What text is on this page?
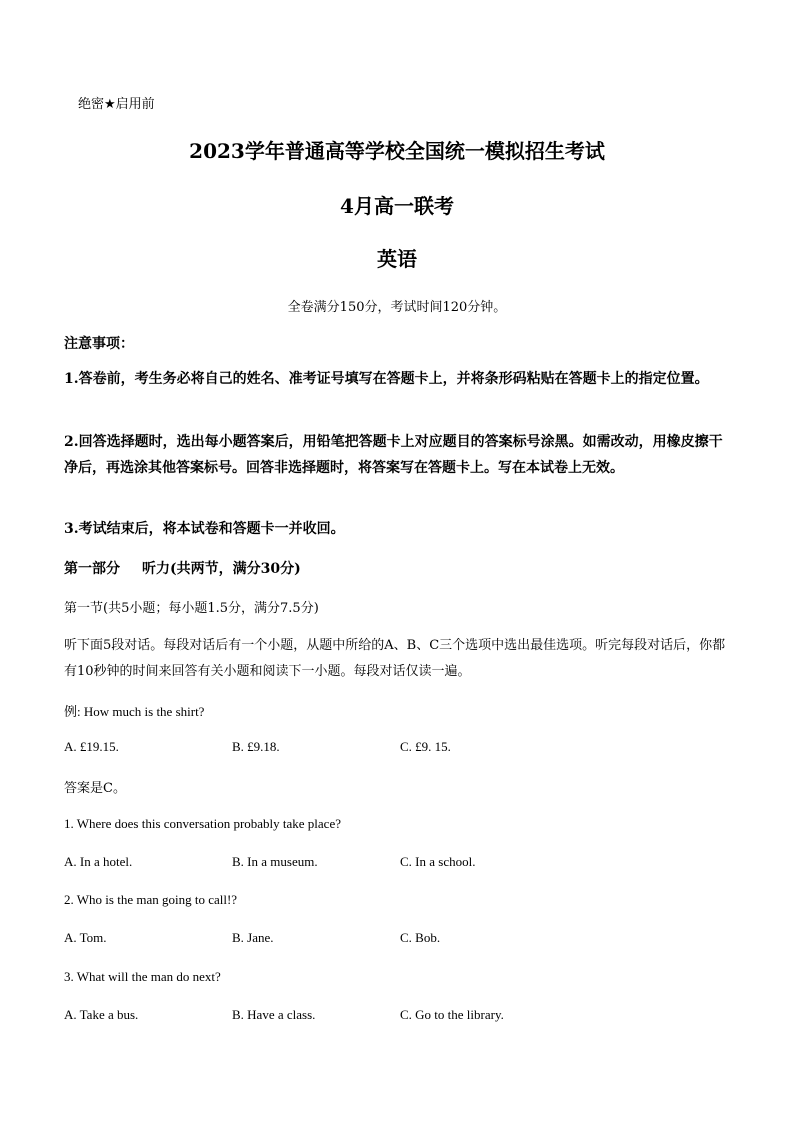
绝密★启用前
2023学年普通高等学校全国统一模拟招生考试
4月高一联考
英语
全卷满分150分，考试时间120分钟。
注意事项：
1.答卷前，考生务必将自己的姓名、准考证号填写在答题卡上，并将条形码粘贴在答题卡上的指定位置。
2.回答选择题时，选出每小题答案后，用铅笔把答题卡上对应题目的答案标号涂黑。如需改动，用橡皮擦干净后，再选涂其他答案标号。回答非选择题时，将答案写在答题卡上。写在本试卷上无效。
3.考试结束后，将本试卷和答题卡一并收回。
第一部分 听力(共两节，满分30分)
第一节(共5小题；每小题1.5分，满分7.5分)
听下面5段对话。每段对话后有一个小题，从题中所给的A、B、C三个选项中选出最佳选项。听完每段对话后，你都有10秒钟的时间来回答有关小题和阅读下一小题。每段对话仅读一遍。
例: How much is the shirt?
A. £19.15.	B. £9.18.	C. £9. 15.
答案是C。
1. Where does this conversation probably take place?
A. In a hotel.	B. In a museum.	C. In a school.
2. Who is the man going to call!?
A. Tom.	B. Jane.	C. Bob.
3. What will the man do next?
A. Take a bus.	B. Have a class.	C. Go to the library.
